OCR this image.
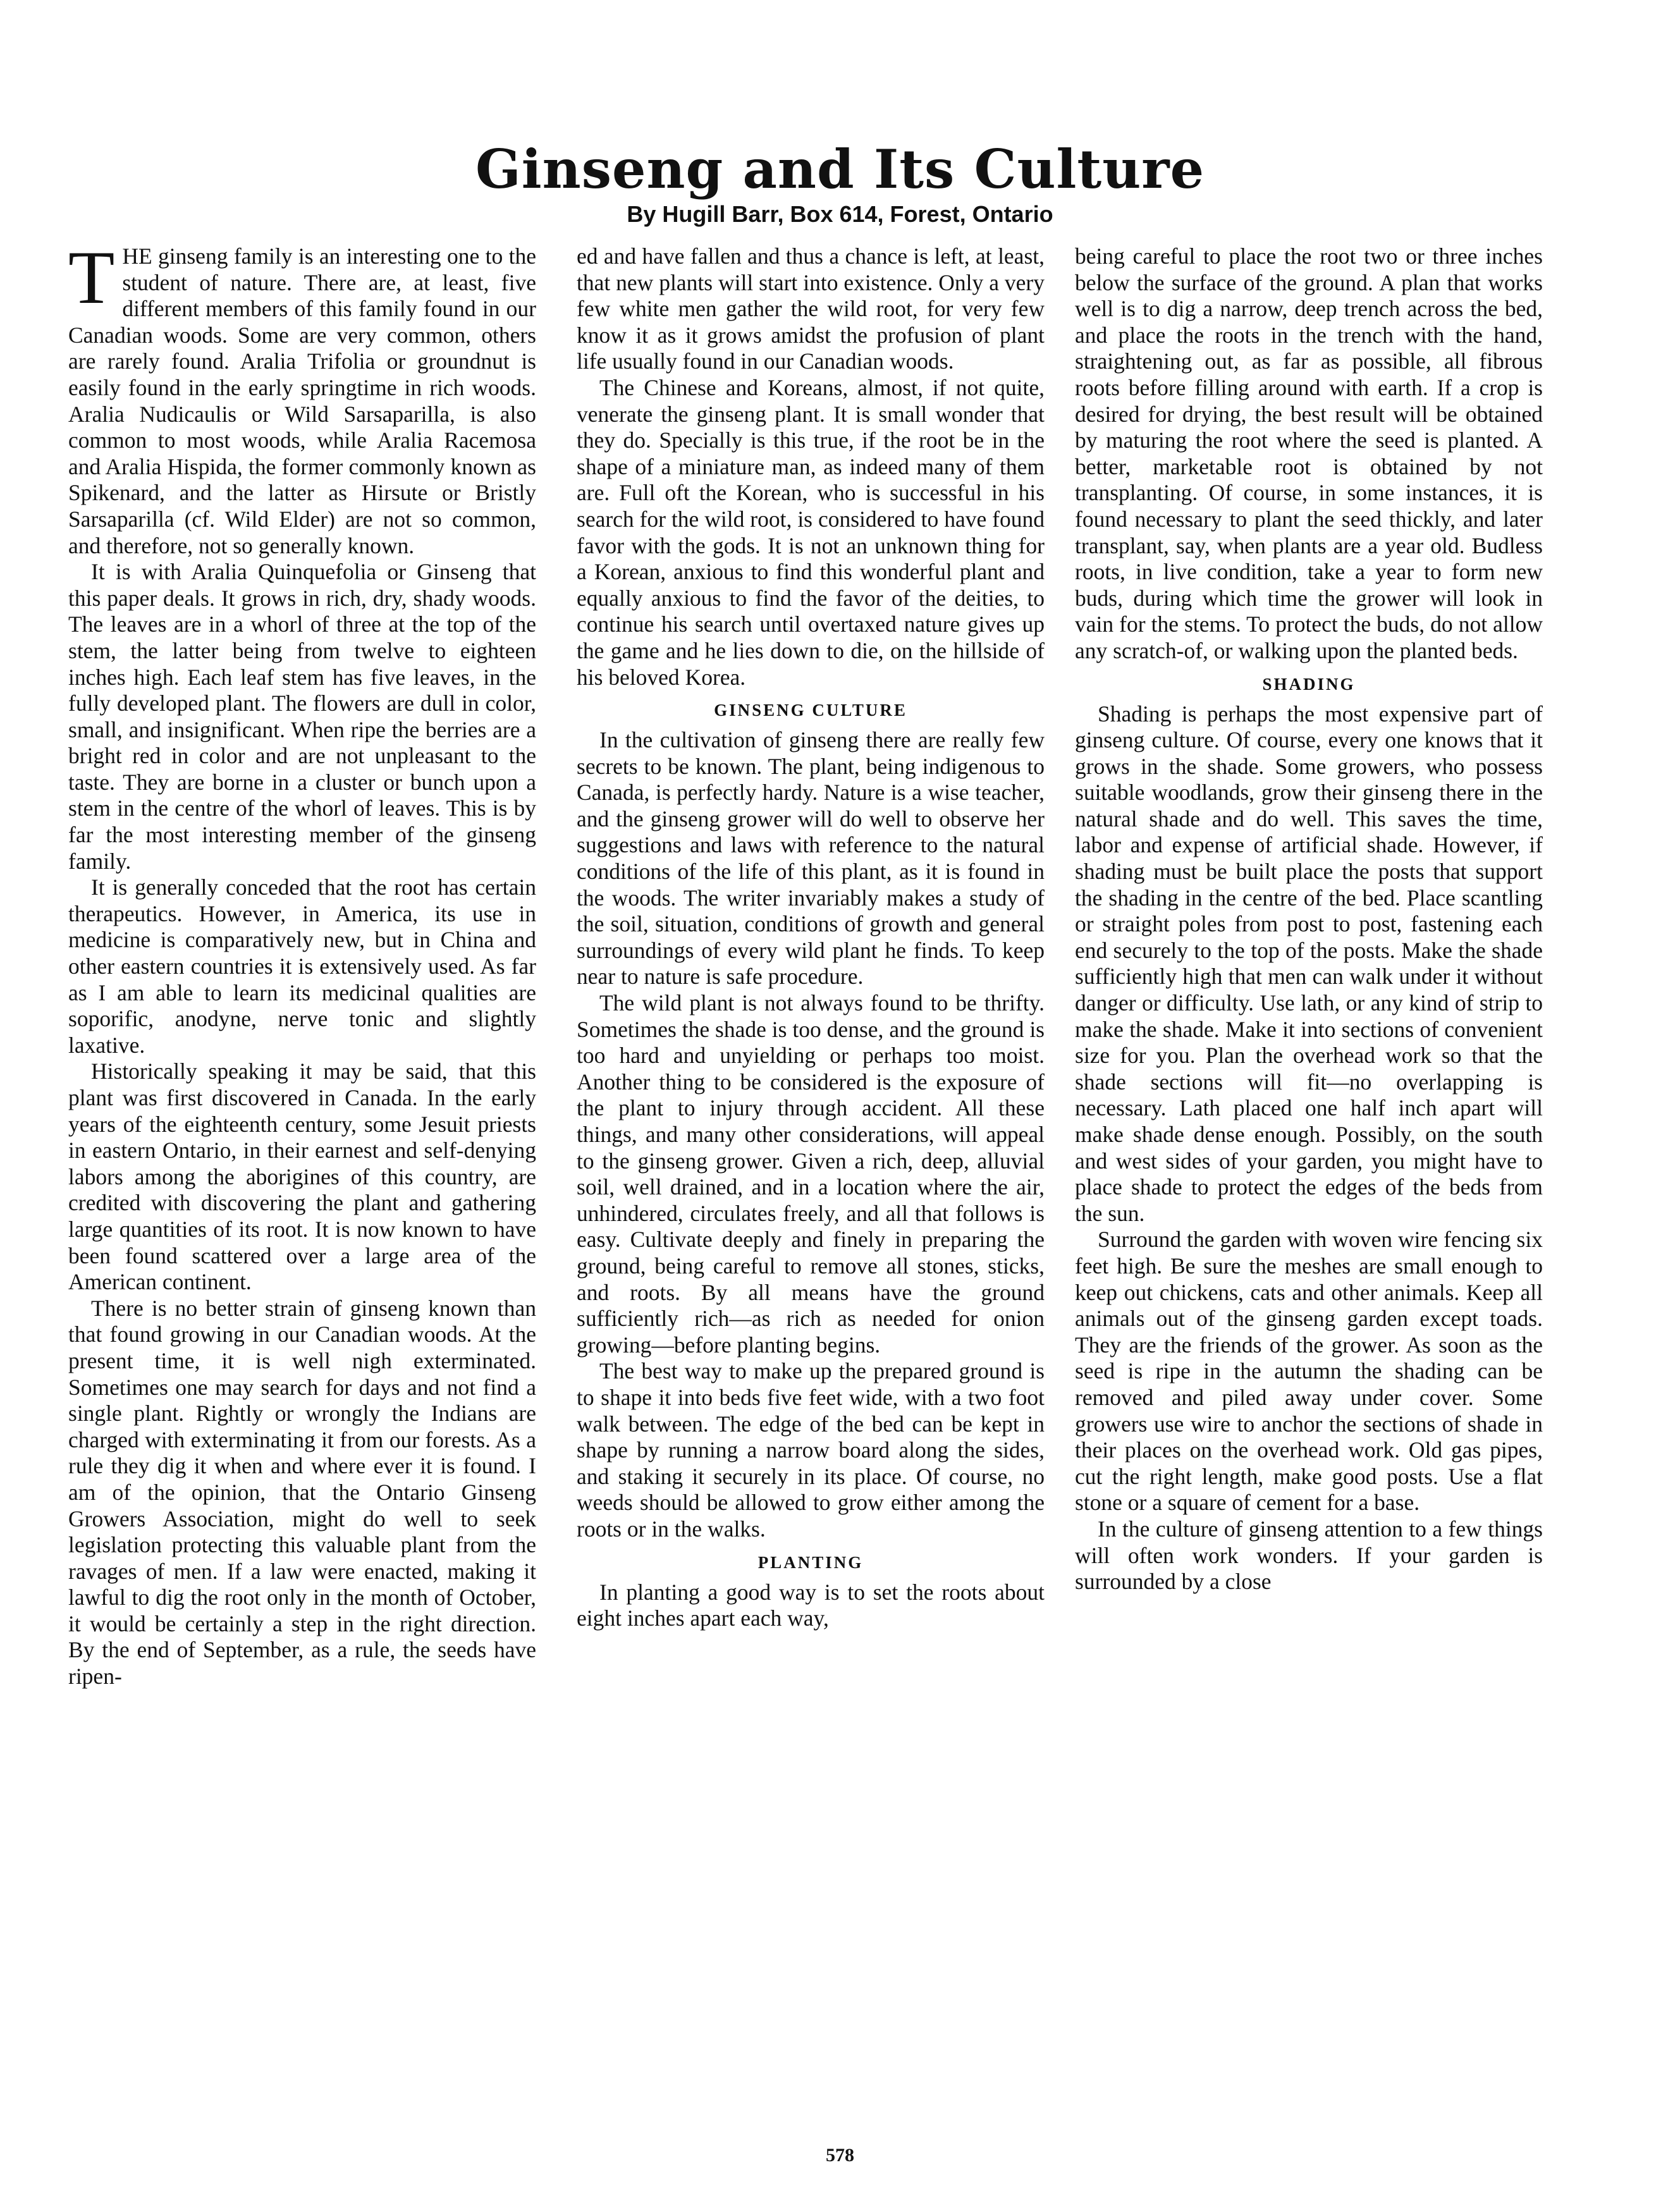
Ginseng and Its Culture
By Hugill Barr, Box 614, Forest, Ontario

THE ginseng family is an interesting one to the student of nature. There are, at least, five different members of this family found in our Canadian woods. Some are very common, others are rarely found. Aralia Trifolia or groundnut is easily found in the early springtime in rich woods. Aralia Nudicaulis or Wild Sarsaparilla, is also common to most woods, while Aralia Racemosa and Aralia Hispida, the former commonly known as Spikenard, and the latter as Hirsute or Bristly Sarsaparilla (cf. Wild Elder) are not so common, and therefore, not so generally known.

It is with Aralia Quinquefolia or Ginseng that this paper deals. It grows in rich, dry, shady woods. The leaves are in a whorl of three at the top of the stem, the latter being from twelve to eighteen inches high. Each leaf stem has five leaves, in the fully developed plant. The flowers are dull in color, small, and insignificant. When ripe the berries are a bright red in color and are not unpleasant to the taste. They are borne in a cluster or bunch upon a stem in the centre of the whorl of leaves. This is by far the most interesting member of the ginseng family.

It is generally conceded that the root has certain therapeutics. However, in America, its use in medicine is comparatively new, but in China and other eastern countries it is extensively used. As far as I am able to learn its medicinal qualities are soporific, anodyne, nerve tonic and slightly laxative.

Historically speaking it may be said, that this plant was first discovered in Canada. In the early years of the eighteenth century, some Jesuit priests in eastern Ontario, in their earnest and self-denying labors among the aborigines of this country, are credited with discovering the plant and gathering large quantities of its root. It is now known to have been found scattered over a large area of the American continent.

There is no better strain of ginseng known than that found growing in our Canadian woods. At the present time, it is well nigh exterminated. Sometimes one may search for days and not find a single plant. Rightly or wrongly the Indians are charged with exterminating it from our forests. As a rule they dig it when and where ever it is found. I am of the opinion, that the Ontario Ginseng Growers Association, might do well to seek legislation protecting this valuable plant from the ravages of men. If a law were enacted, making it lawful to dig the root only in the month of October, it would be certainly a step in the right direction. By the end of September, as a rule, the seeds have ripen-

ed and have fallen and thus a chance is left, at least, that new plants will start into existence. Only a very few white men gather the wild root, for very few know it as it grows amidst the profusion of plant life usually found in our Canadian woods.

The Chinese and Koreans, almost, if not quite, venerate the ginseng plant. It is small wonder that they do. Specially is this true, if the root be in the shape of a miniature man, as indeed many of them are. Full oft the Korean, who is successful in his search for the wild root, is considered to have found favor with the gods. It is not an unknown thing for a Korean, anxious to find this wonderful plant and equally anxious to find the favor of the deities, to continue his search until overtaxed nature gives up the game and he lies down to die, on the hillside of his beloved Korea.

GINSENG CULTURE

In the cultivation of ginseng there are really few secrets to be known. The plant, being indigenous to Canada, is perfectly hardy. Nature is a wise teacher, and the ginseng grower will do well to observe her suggestions and laws with reference to the natural conditions of the life of this plant, as it is found in the woods. The writer invariably makes a study of the soil, situation, conditions of growth and general surroundings of every wild plant he finds. To keep near to nature is safe procedure.

The wild plant is not always found to be thrifty. Sometimes the shade is too dense, and the ground is too hard and unyielding or perhaps too moist. Another thing to be considered is the exposure of the plant to injury through accident. All these things, and many other considerations, will appeal to the ginseng grower. Given a rich, deep, alluvial soil, well drained, and in a location where the air, unhindered, circulates freely, and all that follows is easy. Cultivate deeply and finely in preparing the ground, being careful to remove all stones, sticks, and roots. By all means have the ground sufficiently rich—as rich as needed for onion growing—before planting begins.

The best way to make up the prepared ground is to shape it into beds five feet wide, with a two foot walk between. The edge of the bed can be kept in shape by running a narrow board along the sides, and staking it securely in its place. Of course, no weeds should be allowed to grow either among the roots or in the walks.

PLANTING

In planting a good way is to set the roots about eight inches apart each way,

being careful to place the root two or three inches below the surface of the ground. A plan that works well is to dig a narrow, deep trench across the bed, and place the roots in the trench with the hand, straightening out, as far as possible, all fibrous roots before filling around with earth. If a crop is desired for drying, the best result will be obtained by maturing the root where the seed is planted. A better, marketable root is obtained by not transplanting. Of course, in some instances, it is found necessary to plant the seed thickly, and later transplant, say, when plants are a year old. Budless roots, in live condition, take a year to form new buds, during which time the grower will look in vain for the stems. To protect the buds, do not allow any scratch-of, or walking upon the planted beds.

SHADING

Shading is perhaps the most expensive part of ginseng culture. Of course, every one knows that it grows in the shade. Some growers, who possess suitable woodlands, grow their ginseng there in the natural shade and do well. This saves the time, labor and expense of artificial shade. However, if shading must be built place the posts that support the shading in the centre of the bed. Place scantling or straight poles from post to post, fastening each end securely to the top of the posts. Make the shade sufficiently high that men can walk under it without danger or difficulty. Use lath, or any kind of strip to make the shade. Make it into sections of convenient size for you. Plan the overhead work so that the shade sections will fit—no overlapping is necessary. Lath placed one half inch apart will make shade dense enough. Possibly, on the south and west sides of your garden, you might have to place shade to protect the edges of the beds from the sun.

Surround the garden with woven wire fencing six feet high. Be sure the meshes are small enough to keep out chickens, cats and other animals. Keep all animals out of the ginseng garden except toads. They are the friends of the grower. As soon as the seed is ripe in the autumn the shading can be removed and piled away under cover. Some growers use wire to anchor the sections of shade in their places on the overhead work. Old gas pipes, cut the right length, make good posts. Use a flat stone or a square of cement for a base.

In the culture of ginseng attention to a few things will often work wonders. If your garden is surrounded by a close

578
